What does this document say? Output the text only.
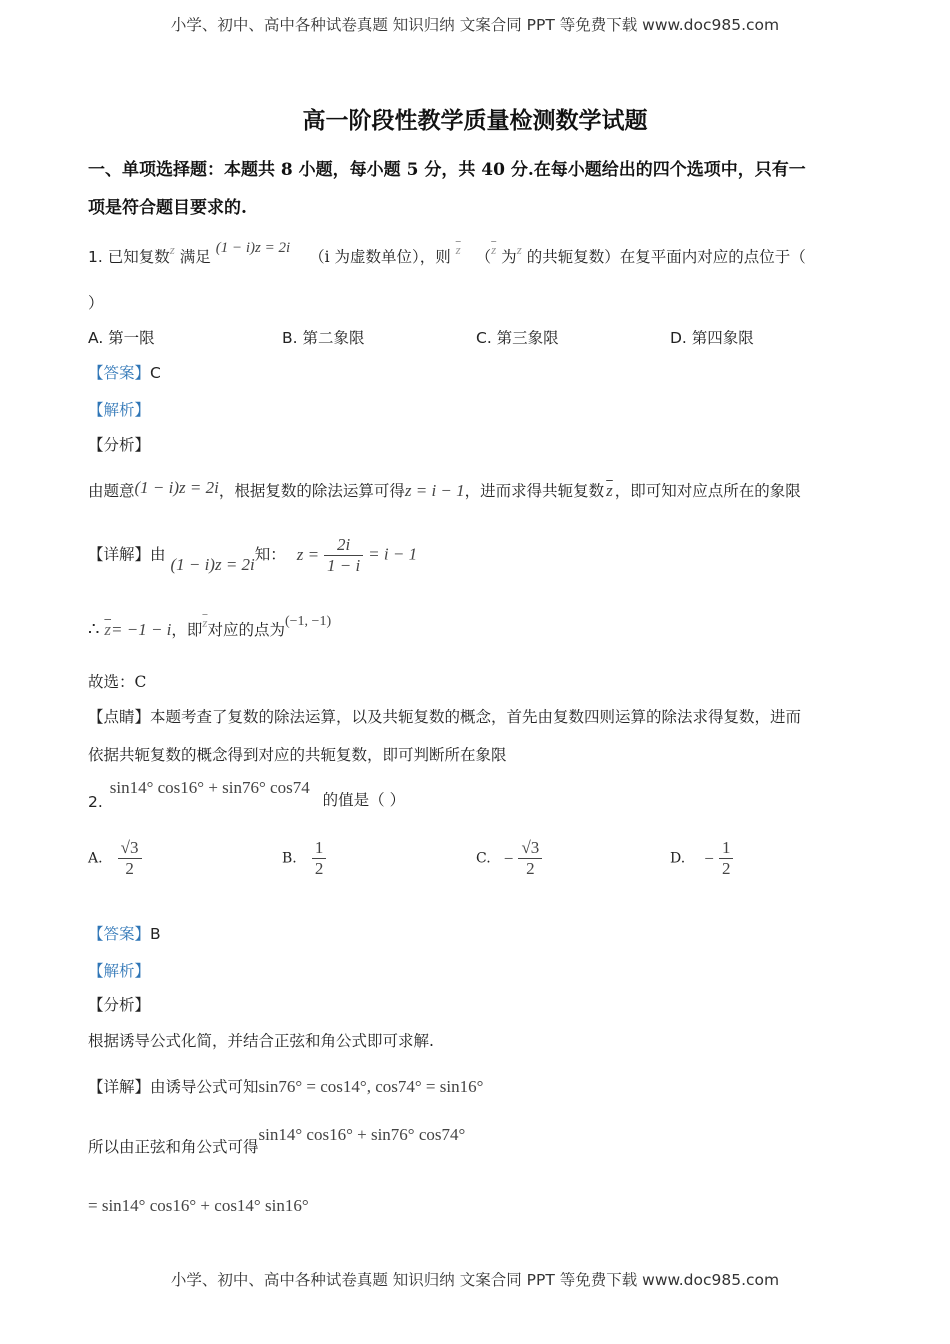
小学、初中、高中各种试卷真题 知识归纳 文案合同 PPT 等免费下载 www.doc985.com
小学、初中、高中各种试卷真题 知识归纳 文案合同 PPT 等免费下载 www.doc985.com
高一阶段性教学质量检测数学试题
一、单项选择题：本题共 8 小题，每小题 5 分，共 40 分.在每小题给出的四个选项中，只有一
项是符合题目要求的.
1. 已知复数$^z$ 满足 (1 − i)z = 2i （i 为虚数单位），则 $^{\overline{z}}$ （$^{\overline{z}}$ 为$^z$ 的共轭复数）在复平面内对应的点位于（
）
A. 第一限	B. 第二象限	C. 第三象限	D. 第四象限
【答案】C
【解析】
【分析】
由题意(1 − i)z = 2i，根据复数的除法运算可得z = i − 1，进而求得共轭复数 $\overline{z}$ ，即可知对应点所在的象限
【详解】由 (1 − i)z = 2i知： $z = \frac{2i}{1 - i} = i - 1$
∴ $\overline{z}= -1 - i$，即$^{\overline{z}}$对应的点为(−1, −1)
故选：C
【点睛】本题考查了复数的除法运算，以及共轭复数的概念，首先由复数四则运算的除法求得复数，进而
依据共轭复数的概念得到对应的共轭复数，即可判断所在象限
2. sin14° cos16° + sin76° cos74 的值是（ ）
A. $\frac{√3}{2}$	B. $\frac{1}{2}$	C. − $\frac{√3}{2}$	D. − $\frac{1}{2}$
【答案】B
【解析】
【分析】
根据诱导公式化简，并结合正弦和角公式即可求解.
【详解】由诱导公式可知sin76° = cos14°, cos74° = sin16°
所以由正弦和角公式可得sin14° cos16° + sin76° cos74°
= sin14° cos16° + cos14° sin16°
